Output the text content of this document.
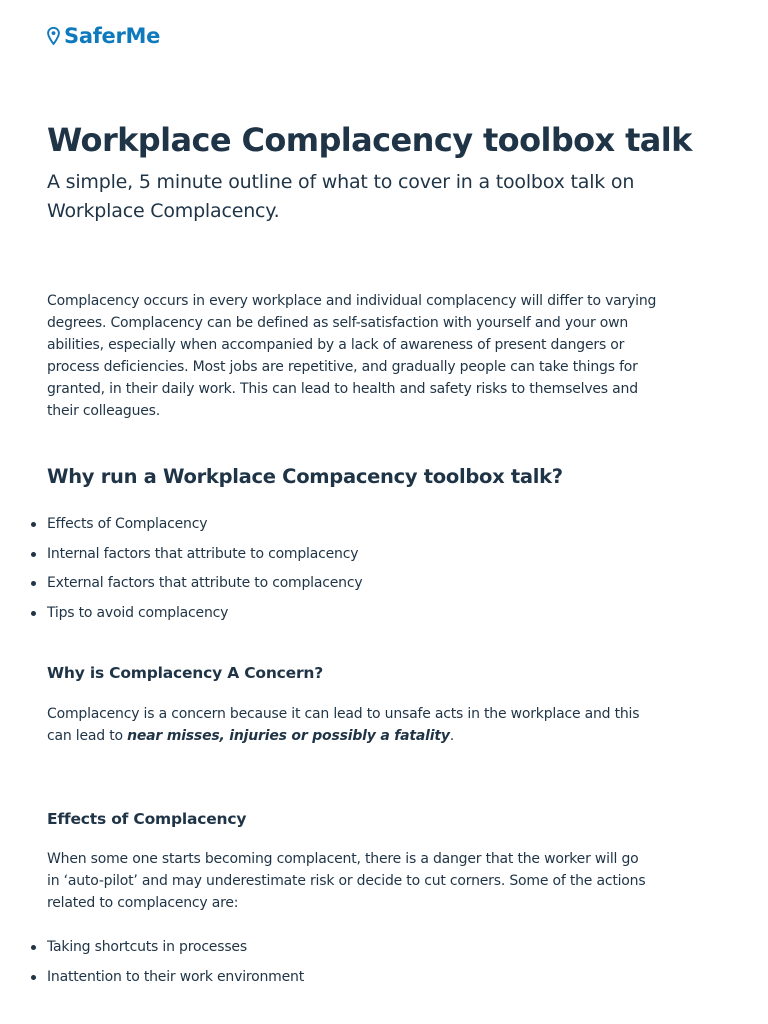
SaferMe
Workplace Complacency toolbox talk

A simple, 5 minute outline of what to cover in a toolbox talk on Workplace Complacency.

Complacency occurs in every workplace and individual complacency will differ to varying degrees. Complacency can be defined as self-satisfaction with yourself and your own abilities, especially when accompanied by a lack of awareness of present dangers or process deficiencies. Most jobs are repetitive, and gradually people can take things for granted, in their daily work. This can lead to health and safety risks to themselves and their colleagues.

Why run a Workplace Compacency toolbox talk?
Effects of Complacency
Internal factors that attribute to complacency
External factors that attribute to complacency
Tips to avoid complacency
Why is Complacency A Concern?

Complacency is a concern because it can lead to unsafe acts in the workplace and this can lead to near misses, injuries or possibly a fatality.

Effects of Complacency

When some one starts becoming complacent, there is a danger that the worker will go in ‘auto-pilot’ and may underestimate risk or decide to cut corners. Some of the actions related to complacency are:

Taking shortcuts in processes
Inattention to their work environment
